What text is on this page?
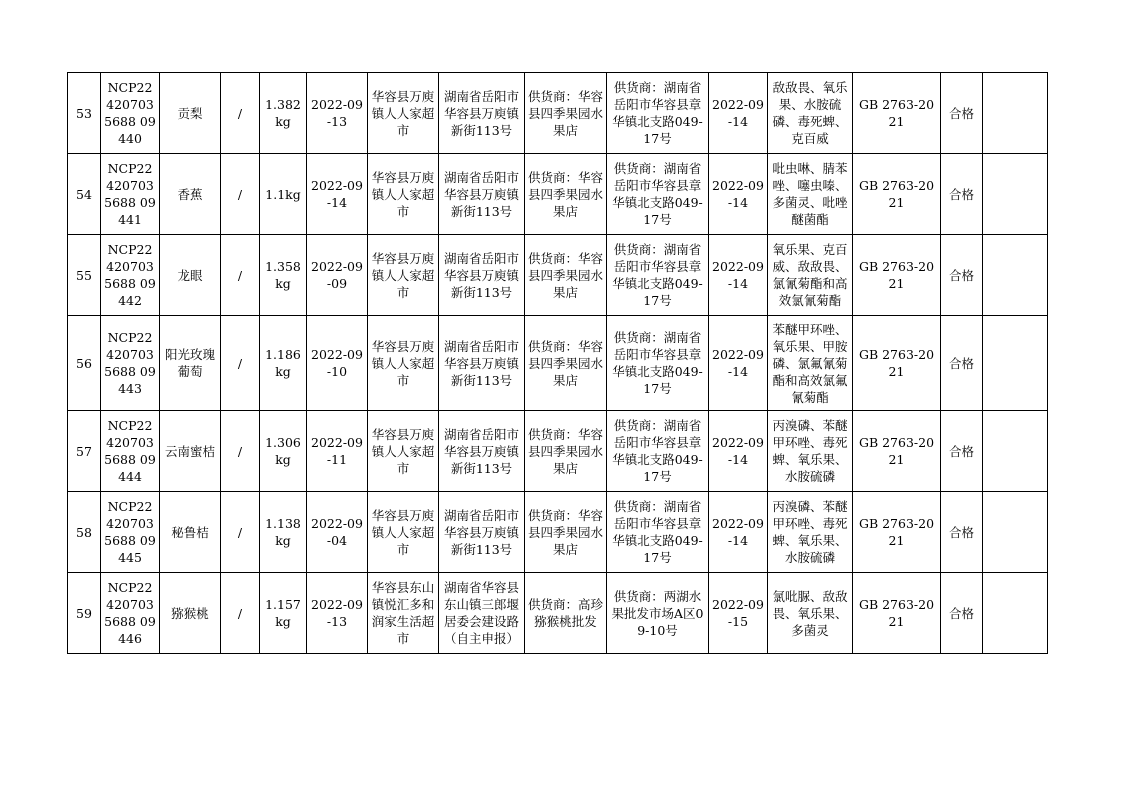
53	NCP224207035688 09440	贡梨	/	1.382kg	2022-09-13	华容县万庾镇人人家超市	湖南省岳阳市华容县万庾镇新街113号	供货商：华容县四季果园水果店	供货商：湖南省岳阳市华容县章华镇北支路049-17号	2022-09-14	敌敌畏、氧乐果、水胺硫磷、毒死蜱、克百威	GB 2763-2021	合格	
54	NCP224207035688 09441	香蕉	/	1.1kg	2022-09-14	华容县万庾镇人人家超市	湖南省岳阳市华容县万庾镇新街113号	供货商：华容县四季果园水果店	供货商：湖南省岳阳市华容县章华镇北支路049-17号	2022-09-14	吡虫啉、腈苯唑、噻虫嗪、多菌灵、吡唑醚菌酯	GB 2763-2021	合格	
55	NCP224207035688 09442	龙眼	/	1.358kg	2022-09-09	华容县万庾镇人人家超市	湖南省岳阳市华容县万庾镇新街113号	供货商：华容县四季果园水果店	供货商：湖南省岳阳市华容县章华镇北支路049-17号	2022-09-14	氧乐果、克百威、敌敌畏、氯氰菊酯和高效氯氰菊酯	GB 2763-2021	合格	
56	NCP224207035688 09443	阳光玫瑰葡萄	/	1.186kg	2022-09-10	华容县万庾镇人人家超市	湖南省岳阳市华容县万庾镇新街113号	供货商：华容县四季果园水果店	供货商：湖南省岳阳市华容县章华镇北支路049-17号	2022-09-14	苯醚甲环唑、氧乐果、甲胺磷、氯氟氰菊酯和高效氯氟氰菊酯	GB 2763-2021	合格	
57	NCP224207035688 09444	云南蜜桔	/	1.306kg	2022-09-11	华容县万庾镇人人家超市	湖南省岳阳市华容县万庾镇新街113号	供货商：华容县四季果园水果店	供货商：湖南省岳阳市华容县章华镇北支路049-17号	2022-09-14	丙溴磷、苯醚甲环唑、毒死蜱、氧乐果、水胺硫磷	GB 2763-2021	合格	
58	NCP224207035688 09445	秘鲁桔	/	1.138kg	2022-09-04	华容县万庾镇人人家超市	湖南省岳阳市华容县万庾镇新街113号	供货商：华容县四季果园水果店	供货商：湖南省岳阳市华容县章华镇北支路049-17号	2022-09-14	丙溴磷、苯醚甲环唑、毒死蜱、氧乐果、水胺硫磷	GB 2763-2021	合格	
59	NCP224207035688 09446	猕猴桃	/	1.157kg	2022-09-13	华容县东山镇悦汇多和润家生活超市	湖南省华容县东山镇三郎堰居委会建设路（自主申报）	供货商：高珍猕猴桃批发	供货商：两湖水果批发市场A区09-10号	2022-09-15	氯吡脲、敌敌畏、氧乐果、多菌灵	GB 2763-2021	合格	
